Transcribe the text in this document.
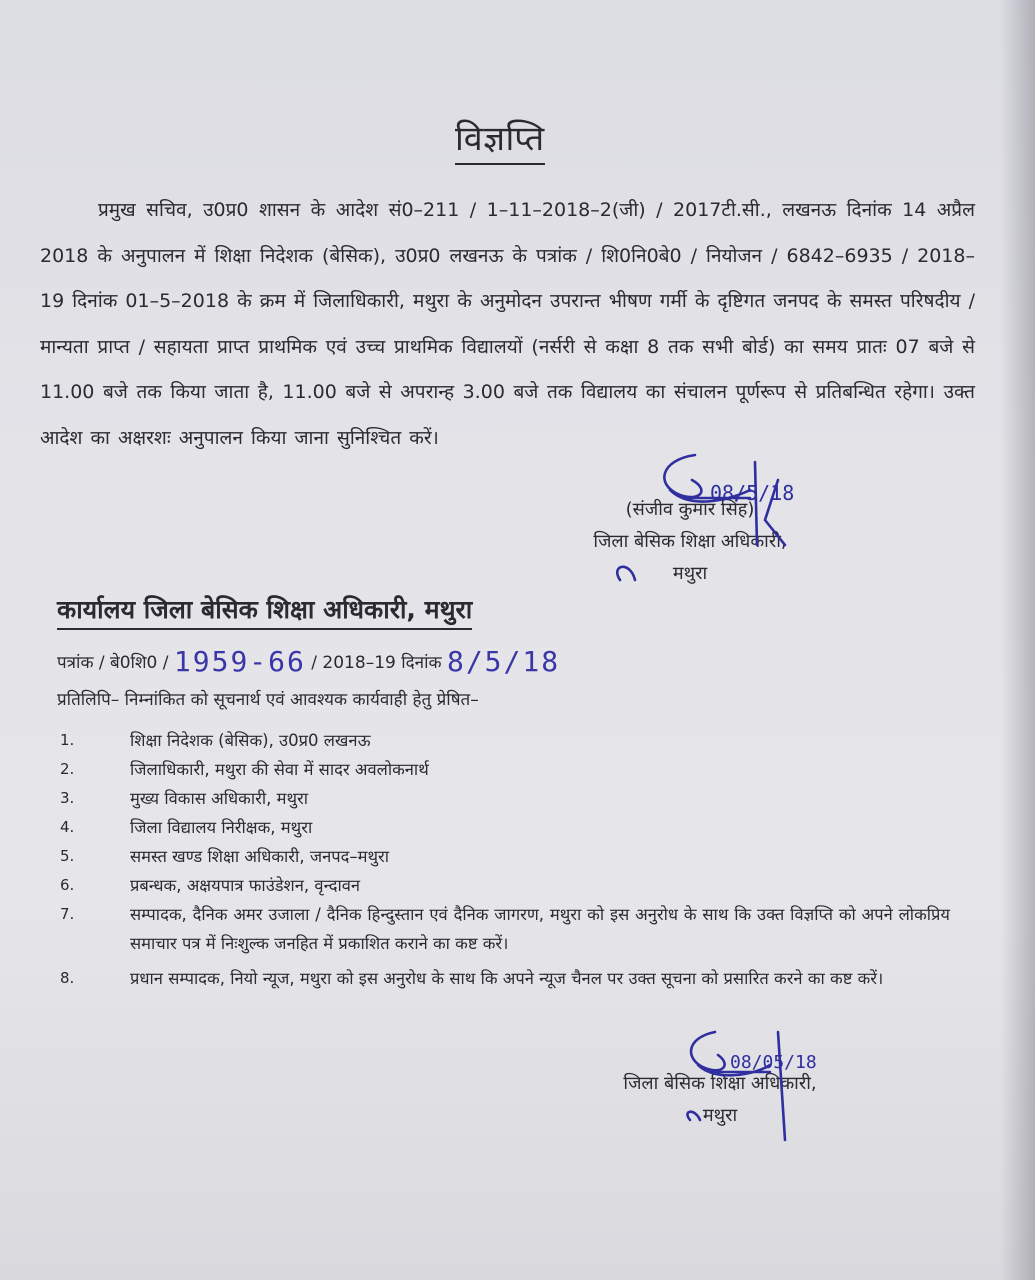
विज्ञप्ति

प्रमुख सचिव, उ0प्र0 शासन के आदेश सं0–211 / 1–11–2018–2(जी) / 2017टी.सी., लखनऊ दिनांक 14 अप्रैल 2018 के अनुपालन में शिक्षा निदेशक (बेसिक), उ0प्र0 लखनऊ के पत्रांक / शि0नि0बे0 / नियोजन / 6842–6935 / 2018–19 दिनांक 01–5–2018 के क्रम में जिलाधिकारी, मथुरा के अनुमोदन उपरान्त भीषण गर्मी के दृष्टिगत जनपद के समस्त परिषदीय / मान्यता प्राप्त / सहायता प्राप्त प्राथमिक एवं उच्च प्राथमिक विद्यालयों (नर्सरी से कक्षा 8 तक सभी बोर्ड) का समय प्रातः 07 बजे से 11.00 बजे तक किया जाता है, 11.00 बजे से अपरान्ह 3.00 बजे तक विद्यालय का संचालन पूर्णरूप से प्रतिबन्धित रहेगा। उक्त आदेश का अक्षरशः अनुपालन किया जाना सुनिश्चित करें।

(संजीव कुमार सिंह)
जिला बेसिक शिक्षा अधिकारी,
मथुरा
08/5/18
कार्यालय जिला बेसिक शिक्षा अधिकारी, मथुरा
पत्रांक / बे0शि0 / 1959-66 / 2018–19 दिनांक 8/5/18
प्रतिलिपि– निम्नांकित को सूचनार्थ एवं आवश्यक कार्यवाही हेतु प्रेषित–
1.	शिक्षा निदेशक (बेसिक), उ0प्र0 लखनऊ
2.	जिलाधिकारी, मथुरा की सेवा में सादर अवलोकनार्थ
3.	मुख्य विकास अधिकारी, मथुरा
4.	जिला विद्यालय निरीक्षक, मथुरा
5.	समस्त खण्ड शिक्षा अधिकारी, जनपद–मथुरा
6.	प्रबन्धक, अक्षयपात्र फाउंडेशन, वृन्दावन
7.	सम्पादक, दैनिक अमर उजाला / दैनिक हिन्दुस्तान एवं दैनिक जागरण, मथुरा को इस अनुरोध के साथ कि उक्त विज्ञप्ति को अपने लोकप्रिय समाचार पत्र में निःशुल्क जनहित में प्रकाशित कराने का कष्ट करें।
8.	प्रधान सम्पादक, नियो न्यूज, मथुरा को इस अनुरोध के साथ कि अपने न्यूज चैनल पर उक्त सूचना को प्रसारित करने का कष्ट करें।
जिला बेसिक शिक्षा अधिकारी,
मथुरा
08/05/18
